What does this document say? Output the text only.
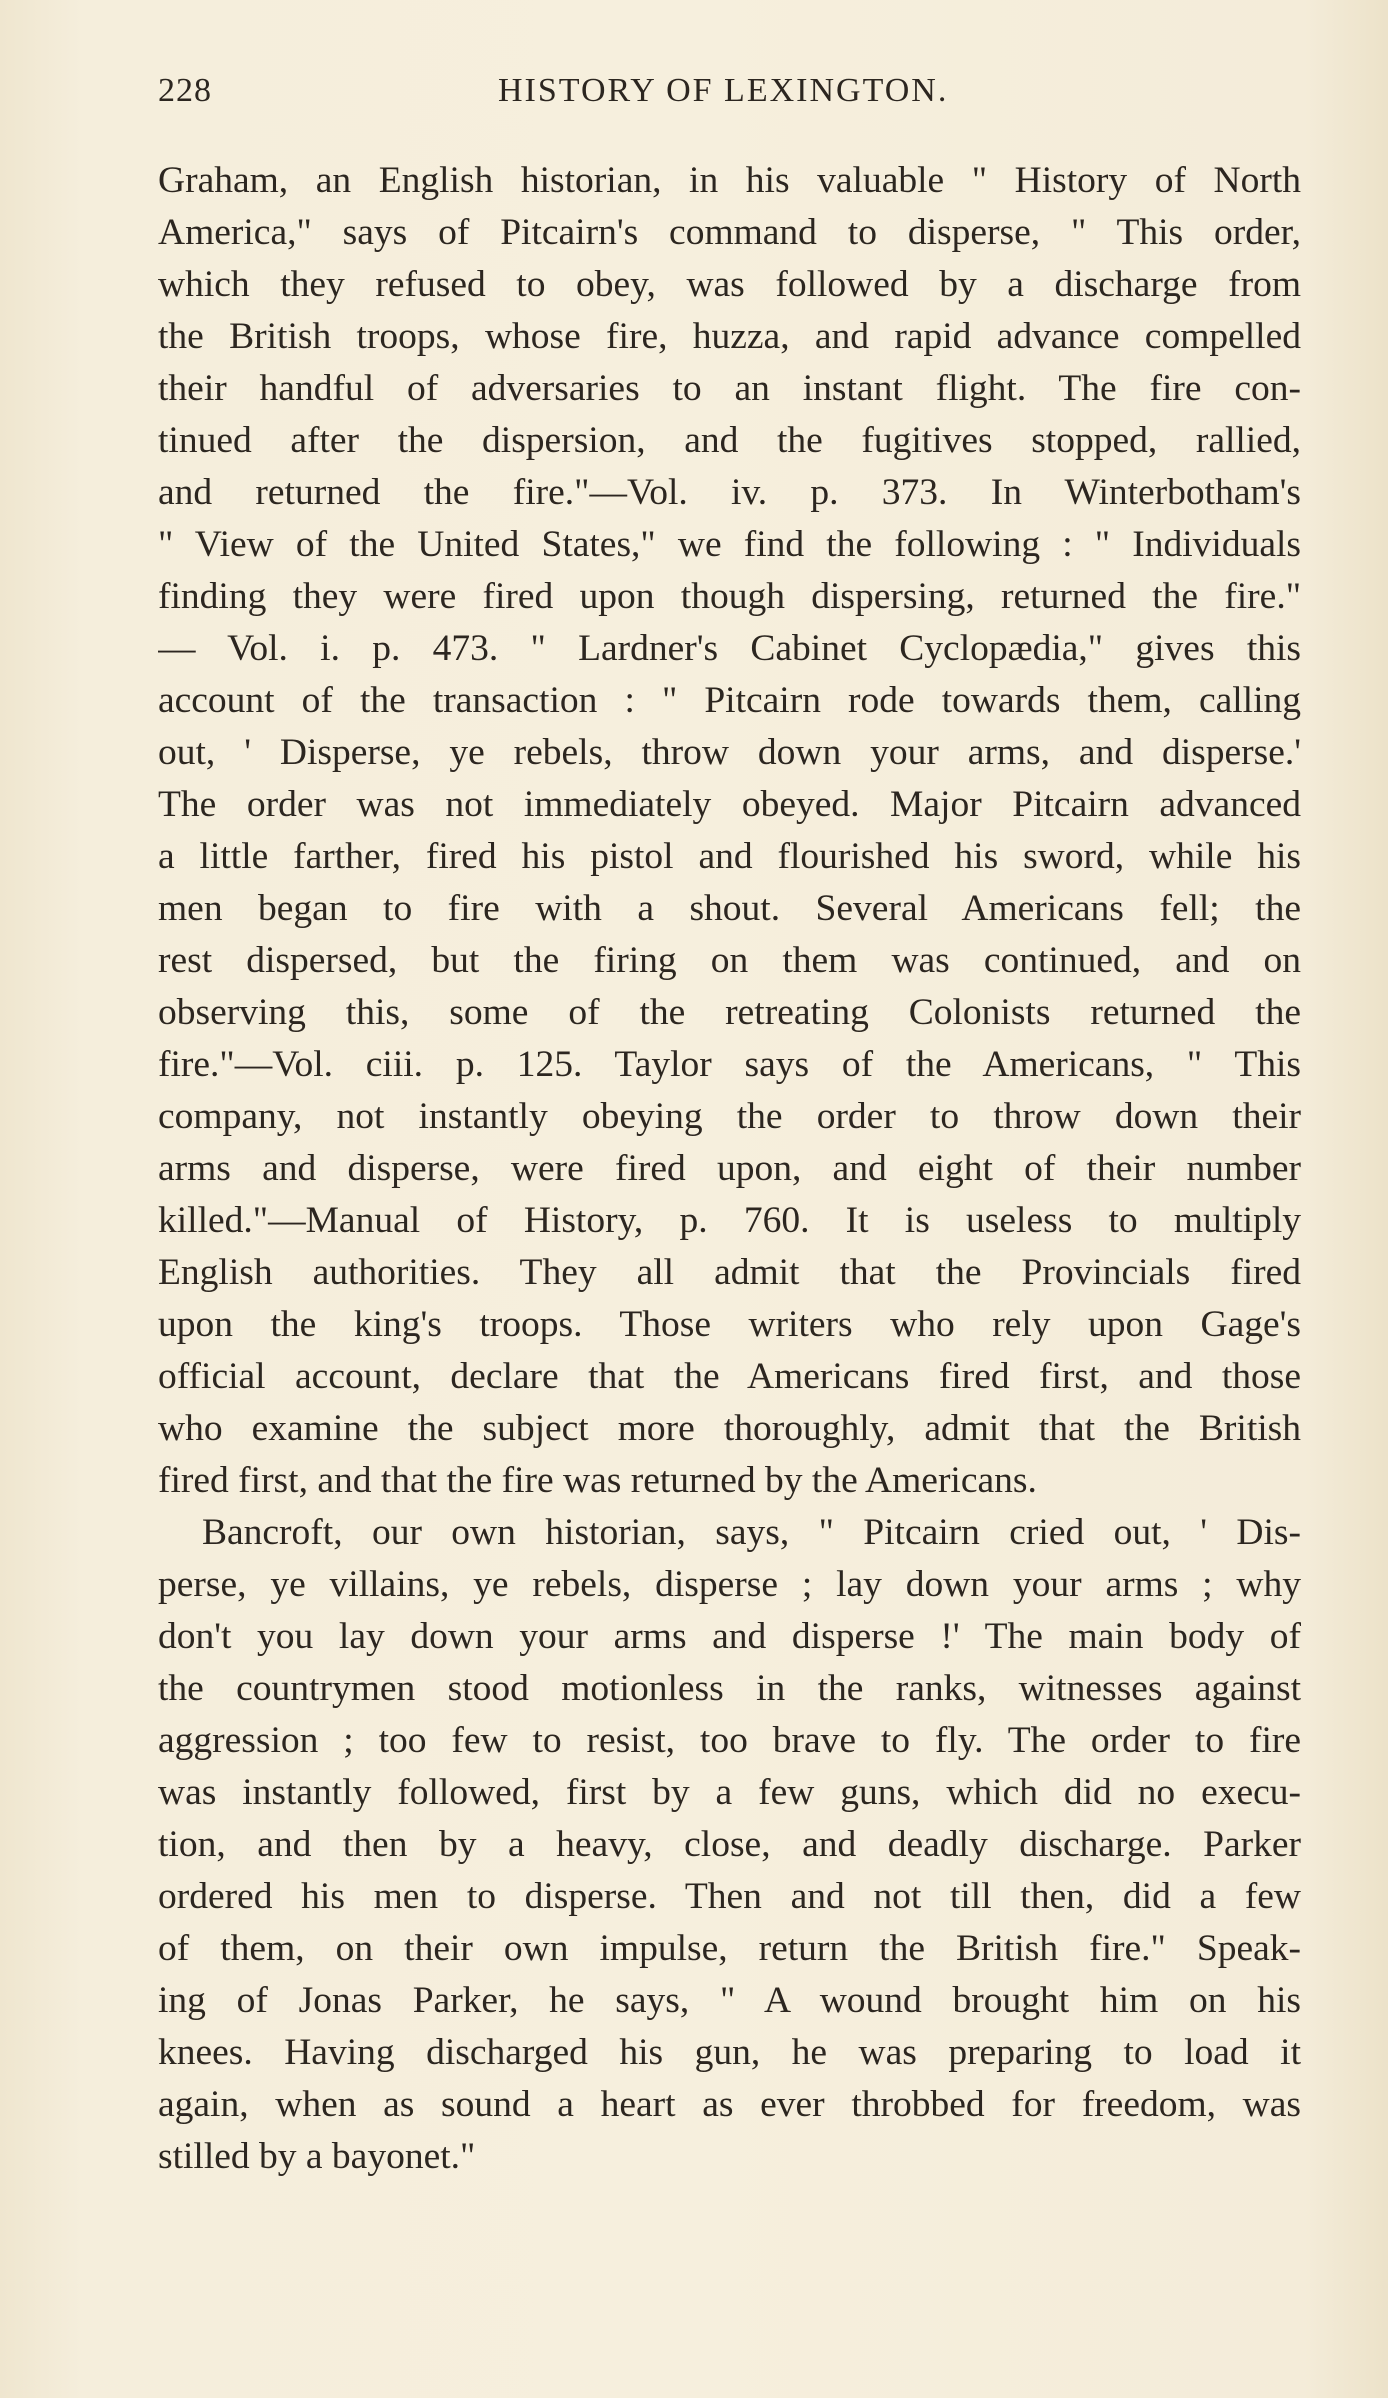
228	HISTORY OF LEXINGTON.
Graham, an English historian, in his valuable " History of North
America," says of Pitcairn's command to disperse, " This order,
which they refused to obey, was followed by a discharge from
the British troops, whose fire, huzza, and rapid advance compelled
their handful of adversaries to an instant flight. The fire con-
tinued after the dispersion, and the fugitives stopped, rallied,
and returned the fire."—Vol. iv. p. 373. In Winterbotham's
" View of the United States," we find the following : " Individuals
finding they were fired upon though dispersing, returned the fire."
— Vol. i. p. 473. " Lardner's Cabinet Cyclopædia," gives this
account of the transaction : " Pitcairn rode towards them, calling
out, ' Disperse, ye rebels, throw down your arms, and disperse.'
The order was not immediately obeyed. Major Pitcairn advanced
a little farther, fired his pistol and flourished his sword, while his
men began to fire with a shout. Several Americans fell; the
rest dispersed, but the firing on them was continued, and on
observing this, some of the retreating Colonists returned the
fire."—Vol. ciii. p. 125. Taylor says of the Americans, " This
company, not instantly obeying the order to throw down their
arms and disperse, were fired upon, and eight of their number
killed."—Manual of History, p. 760. It is useless to multiply
English authorities. They all admit that the Provincials fired
upon the king's troops. Those writers who rely upon Gage's
official account, declare that the Americans fired first, and those
who examine the subject more thoroughly, admit that the British
fired first, and that the fire was returned by the Americans.
Bancroft, our own historian, says, " Pitcairn cried out, ' Dis-
perse, ye villains, ye rebels, disperse ; lay down your arms ; why
don't you lay down your arms and disperse !' The main body of
the countrymen stood motionless in the ranks, witnesses against
aggression ; too few to resist, too brave to fly. The order to fire
was instantly followed, first by a few guns, which did no execu-
tion, and then by a heavy, close, and deadly discharge. Parker
ordered his men to disperse. Then and not till then, did a few
of them, on their own impulse, return the British fire." Speak-
ing of Jonas Parker, he says, " A wound brought him on his
knees. Having discharged his gun, he was preparing to load it
again, when as sound a heart as ever throbbed for freedom, was
stilled by a bayonet."
